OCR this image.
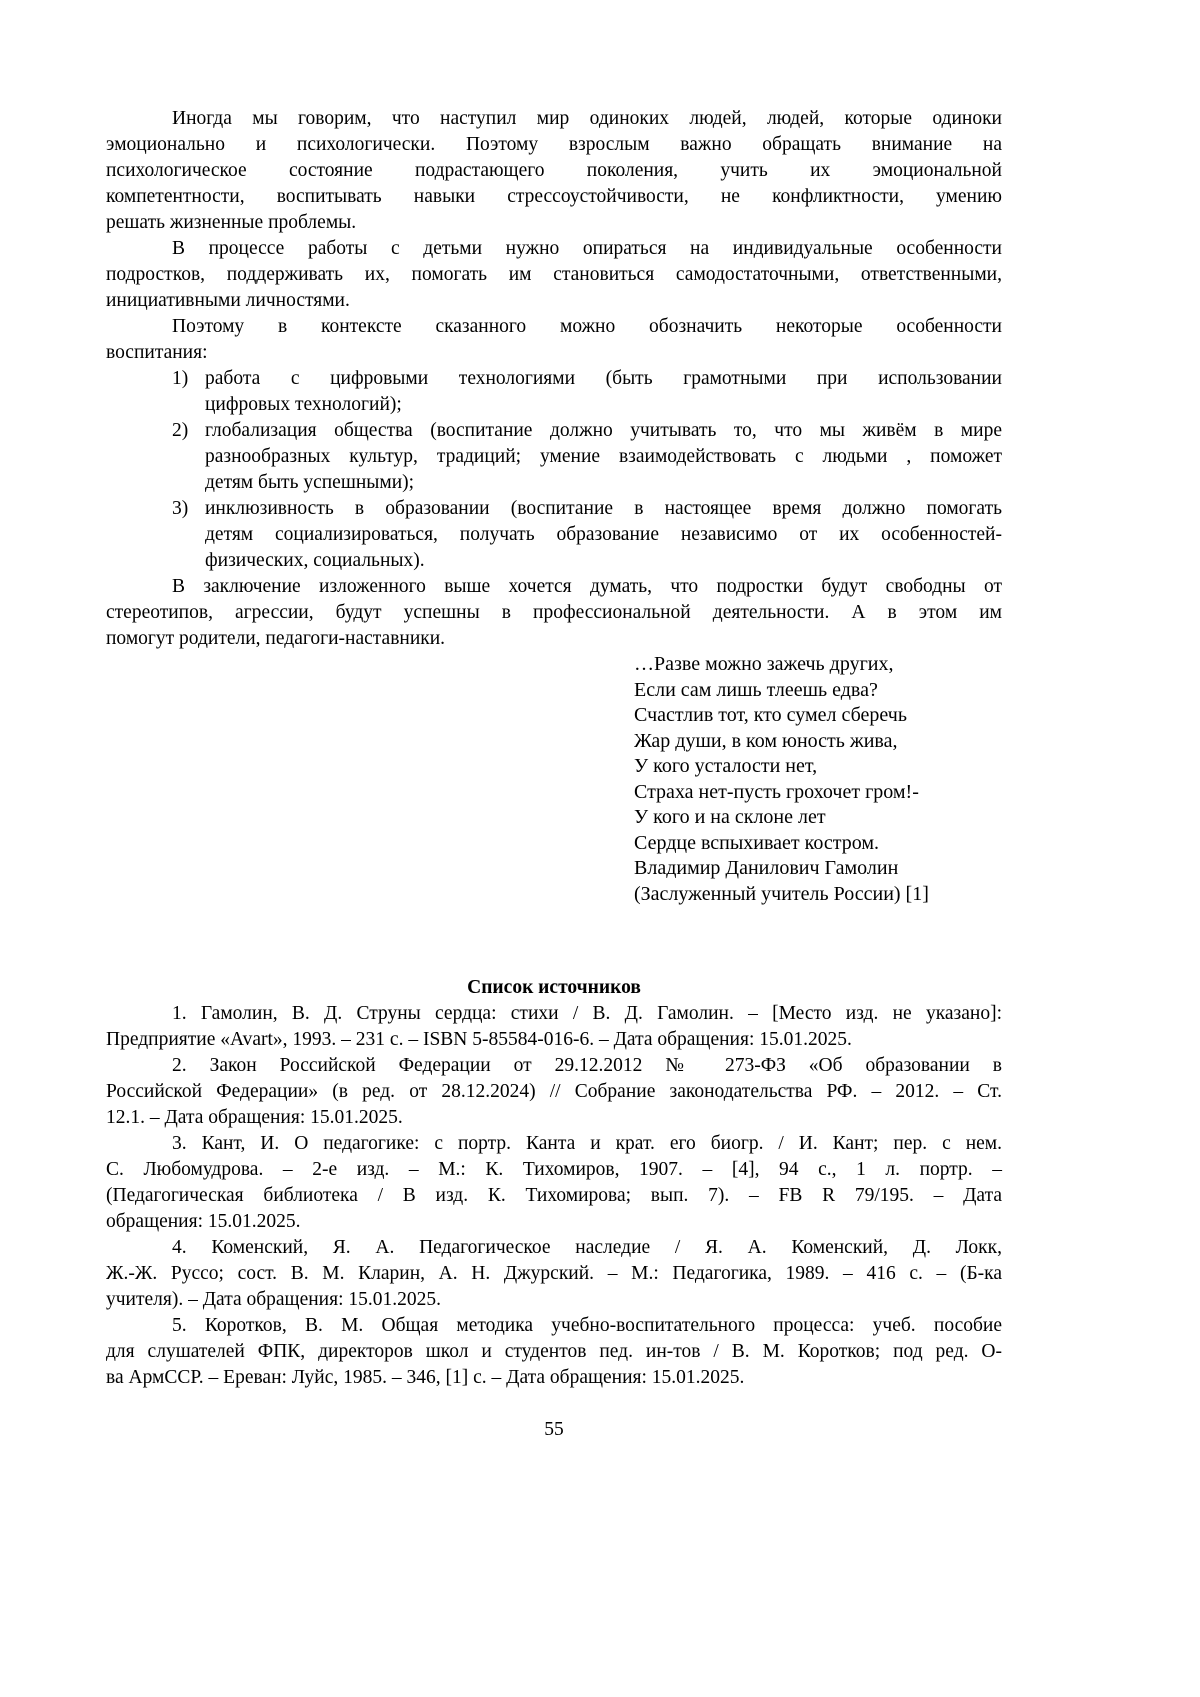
Иногда мы говорим, что наступил мир одиноких людей, людей, которые одиноки
эмоционально и психологически. Поэтому взрослым важно обращать внимание на
психологическое состояние подрастающего поколения, учить их эмоциональной
компетентности, воспитывать навыки стрессоустойчивости, не конфликтности, умению
решать жизненные проблемы.
В процессе работы с детьми нужно опираться на индивидуальные особенности
подростков, поддерживать их, помогать им становиться самодостаточными, ответственными,
инициативными личностями.
Поэтому в контексте сказанного можно обозначить некоторые особенности
воспитания:
1) работа с цифровыми технологиями (быть грамотными при использовании
цифровых технологий);
2) глобализация общества (воспитание должно учитывать то, что мы живём в мире
разнообразных культур, традиций; умение взаимодействовать с людьми , поможет
детям быть успешными);
3) инклюзивность в образовании (воспитание в настоящее время должно помогать
детям социализироваться, получать образование независимо от их особенностей-
физических, социальных).
В заключение изложенного выше хочется думать, что подростки будут свободны от
стереотипов, агрессии, будут успешны в профессиональной деятельности. А в этом им
помогут родители, педагоги-наставники.
…Разве можно зажечь других,
Если сам лишь тлеешь едва?
Счастлив тот, кто сумел сберечь
Жар души, в ком юность жива,
У кого усталости нет,
Страха нет-пусть грохочет гром!-
У кого и на склоне лет
Сердце вспыхивает костром.
Владимир Данилович Гамолин
(Заслуженный учитель России) [1]
Список источников
1. Гамолин, В. Д. Струны сердца: стихи / В. Д. Гамолин. – [Место изд. не указано]:
Предприятие «Avart», 1993. – 231 с. – ISBN 5-85584-016-6. – Дата обращения: 15.01.2025.
2. Закон Российской Федерации от 29.12.2012 № 273-ФЗ «Об образовании в
Российской Федерации» (в ред. от 28.12.2024) // Собрание законодательства РФ. – 2012. – Ст.
12.1. – Дата обращения: 15.01.2025.
3. Кант, И. О педагогике: с портр. Канта и крат. его биогр. / И. Кант; пер. с нем.
С. Любомудрова. – 2-е изд. – М.: К. Тихомиров, 1907. – [4], 94 с., 1 л. портр. –
(Педагогическая библиотека / В изд. К. Тихомирова; вып. 7). – FB R 79/195. – Дата
обращения: 15.01.2025.
4. Коменский, Я. А. Педагогическое наследие / Я. А. Коменский, Д. Локк,
Ж.-Ж. Руссо; сост. В. М. Кларин, А. Н. Джурский. – М.: Педагогика, 1989. – 416 с. – (Б-ка
учителя). – Дата обращения: 15.01.2025.
5. Коротков, В. М. Общая методика учебно-воспитательного процесса: учеб. пособие
для слушателей ФПК, директоров школ и студентов пед. ин-тов / В. М. Коротков; под ред. О-
ва АрмССР. – Ереван: Луйс, 1985. – 346, [1] с. – Дата обращения: 15.01.2025.
55
